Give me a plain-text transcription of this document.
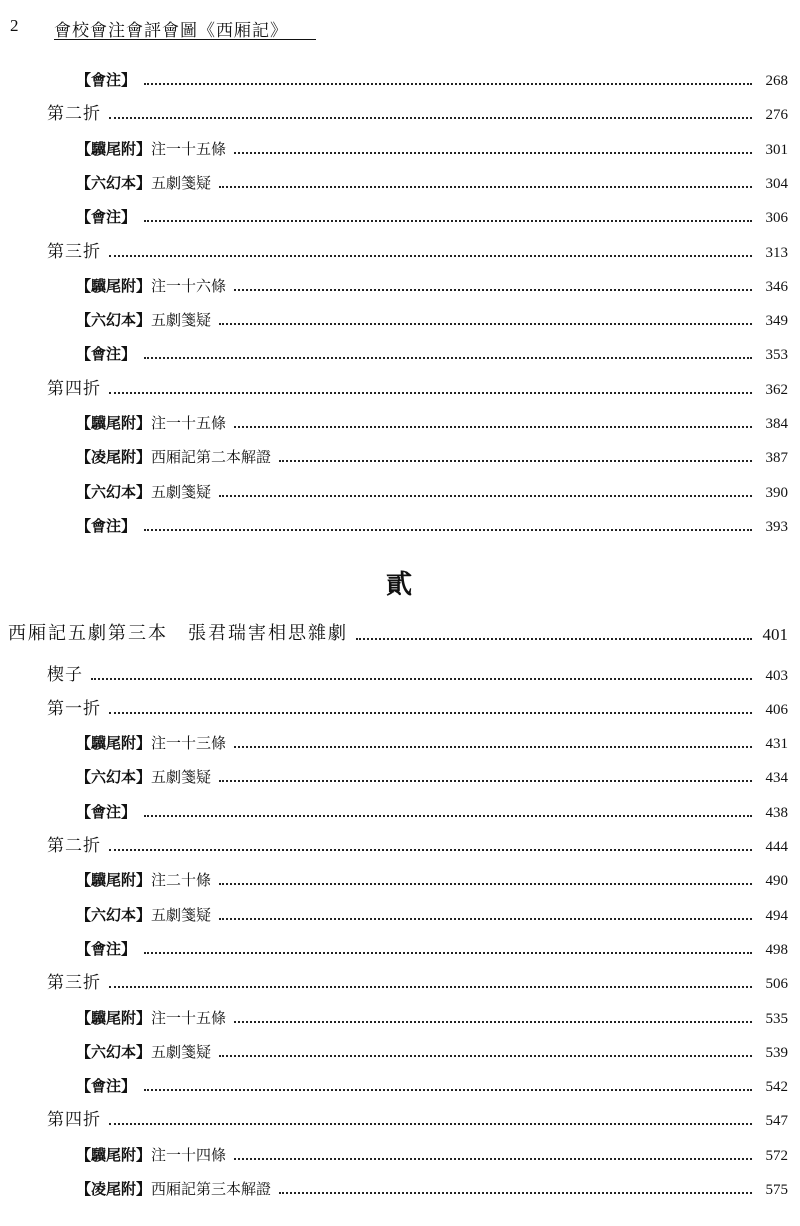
2 會校會注會評會圖《西厢記》
【會注】	268
第二折	276
【驥尾附】注一十五條	301
【六幻本】五劇箋疑	304
【會注】	306
第三折	313
【驥尾附】注一十六條	346
【六幻本】五劇箋疑	349
【會注】	353
第四折	362
【驥尾附】注一十五條	384
【凌尾附】西厢記第二本解證	387
【六幻本】五劇箋疑	390
【會注】	393
貳
西厢記五劇第三本　張君瑞害相思雜劇	401
楔子	403
第一折	406
【驥尾附】注一十三條	431
【六幻本】五劇箋疑	434
【會注】	438
第二折	444
【驥尾附】注二十條	490
【六幻本】五劇箋疑	494
【會注】	498
第三折	506
【驥尾附】注一十五條	535
【六幻本】五劇箋疑	539
【會注】	542
第四折	547
【驥尾附】注一十四條	572
【凌尾附】西厢記第三本解證	575
